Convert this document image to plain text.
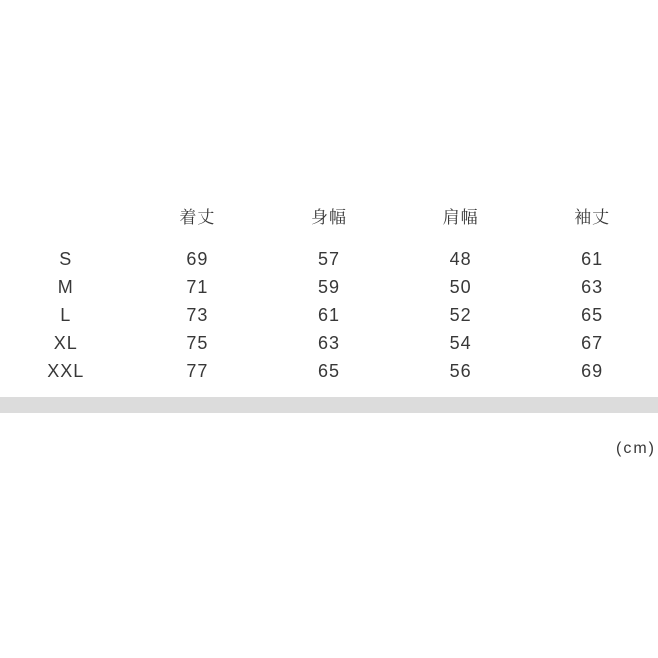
	着丈	身幅	肩幅	袖丈

S	69	57	48	61
M	71	59	50	63
L	73	61	52	65
XL	75	63	54	67
XXL	77	65	56	69
(cm)
